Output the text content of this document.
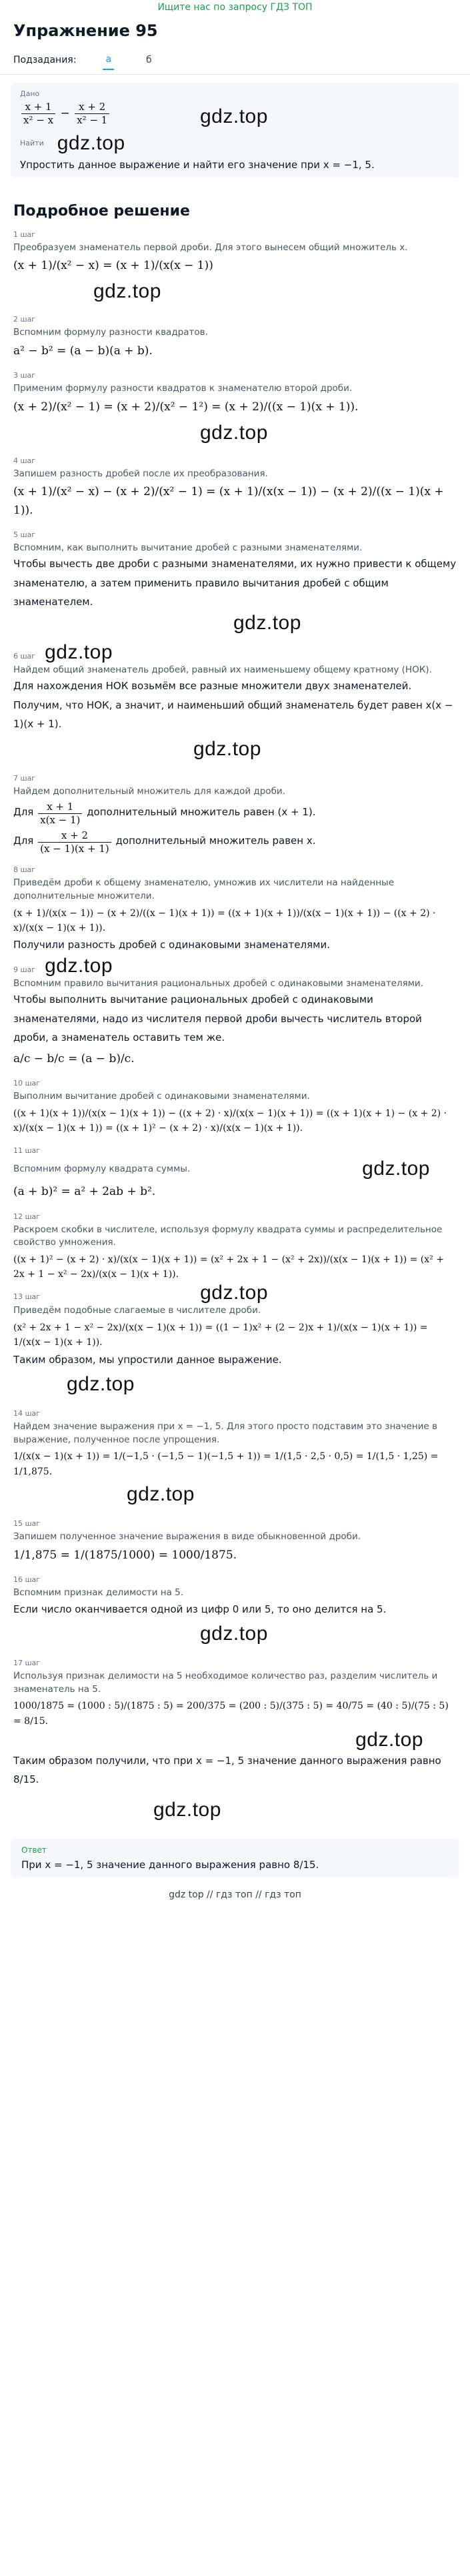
Ищите нас по запросу ГДЗ ТОП
Упражнение 95
Подзадания:	а	б
Дано
$\frac{x + 1}{\text{x² − x}} - \frac{x + 2}{\text{x² − 1}}$
Найти gdz.top
Упростить данное выражение и найти его значение при x = −1, 5.
gdz.top
Подробное решение
1 шаг
Преобразуем знаменатель первой дроби. Для этого вынесем общий множитель x.
(x + 1)/(x² − x) = (x + 1)/(x(x − 1))
gdz.top
2 шаг
Вспомним формулу разности квадратов.
a² − b² = (a − b)(a + b).
3 шаг
Применим формулу разности квадратов к знаменателю второй дроби.
(x + 2)/(x² − 1) = (x + 2)/(x² − 1²) = (x + 2)/((x − 1)(x + 1)).
gdz.top
4 шаг
Запишем разность дробей после их преобразования.
(x + 1)/(x² − x) − (x + 2)/(x² − 1) = (x + 1)/(x(x − 1)) − (x + 2)/((x − 1)(x + 1)).
5 шаг
Вспомним, как выполнить вычитание дробей с разными знаменателями.
Чтобы вычесть две дроби с разными знаменателями, их нужно привести к общему знаменателю, а затем применить правило вычитания дробей с общим знаменателем.
gdz.top
6 шаг gdz.top
Найдем общий знаменатель дробей, равный их наименьшему общему кратному (НОК).
Для нахождения НОК возьмём все разные множители двух знаменателей.
Получим, что НОК, а значит, и наименьший общий знаменатель будет равен x(x − 1)(x + 1).
gdz.top
7 шаг
Найдем дополнительный множитель для каждой дроби.
Для $\frac{x + 1}{x(x - 1)}$ дополнительный множитель равен (x + 1).
Для $\frac{x + 2}{(x - 1)(x + 1)}$ дополнительный множитель равен x.
8 шаг
Приведём дроби к общему знаменателю, умножив их числители на найденные дополнительные множители.
(x + 1)/(x(x − 1)) − (x + 2)/((x − 1)(x + 1)) = ((x + 1)(x + 1))/(x(x − 1)(x + 1)) − ((x + 2) · x)/(x(x − 1)(x + 1)).
Получили разность дробей с одинаковыми знаменателями.
9 шаг gdz.top
Вспомним правило вычитания рациональных дробей с одинаковыми знаменателями.
Чтобы выполнить вычитание рациональных дробей с одинаковыми знаменателями, надо из числителя первой дроби вычесть числитель второй дроби, а знаменатель оставить тем же.
a/c − b/c = (a − b)/c.
10 шаг
Выполним вычитание дробей с одинаковыми знаменателями.
((x + 1)(x + 1))/(x(x − 1)(x + 1)) − ((x + 2) · x)/(x(x − 1)(x + 1)) = ((x + 1)(x + 1) − (x + 2) · x)/(x(x − 1)(x + 1)) = ((x + 1)² − (x + 2) · x)/(x(x − 1)(x + 1)).
11 шаг
Вспомним формулу квадрата суммы.	gdz.top
(a + b)² = a² + 2ab + b².
12 шаг
Раскроем скобки в числителе, используя формулу квадрата суммы и распределительное свойство умножения.
((x + 1)² − (x + 2) · x)/(x(x − 1)(x + 1)) = (x² + 2x + 1 − (x² + 2x))/(x(x − 1)(x + 1)) = (x² + 2x + 1 − x² − 2x)/(x(x − 1)(x + 1)).
13 шаг	gdz.top
Приведём подобные слагаемые в числителе дроби.
(x² + 2x + 1 − x² − 2x)/(x(x − 1)(x + 1)) = ((1 − 1)x² + (2 − 2)x + 1)/(x(x − 1)(x + 1)) = 1/(x(x − 1)(x + 1)).
Таким образом, мы упростили данное выражение.
gdz.top
14 шаг
Найдем значение выражения при x = −1, 5. Для этого просто подставим это значение в выражение, полученное после упрощения.
1/(x(x − 1)(x + 1)) = 1/(−1,5 · (−1,5 − 1)(−1,5 + 1)) = 1/(1,5 · 2,5 · 0,5) = 1/(1,5 · 1,25) = 1/1,875.
gdz.top
15 шаг
Запишем полученное значение выражения в виде обыкновенной дроби.
1/1,875 = 1/(1875/1000) = 1000/1875.
16 шаг
Вспомним признак делимости на 5.
Если число оканчивается одной из цифр 0 или 5, то оно делится на 5.
gdz.top
17 шаг
Используя признак делимости на 5 необходимое количество раз, разделим числитель и знаменатель на 5.
1000/1875 = (1000 : 5)/(1875 : 5) = 200/375 = (200 : 5)/(375 : 5) = 40/75 = (40 : 5)/(75 : 5) = 8/15.
gdz.top
Таким образом получили, что при x = −1, 5 значение данного выражения равно 8/15.
gdz.top
Ответ
При x = −1, 5 значение данного выражения равно 8/15.
gdz top // гдз топ // гдз топ
